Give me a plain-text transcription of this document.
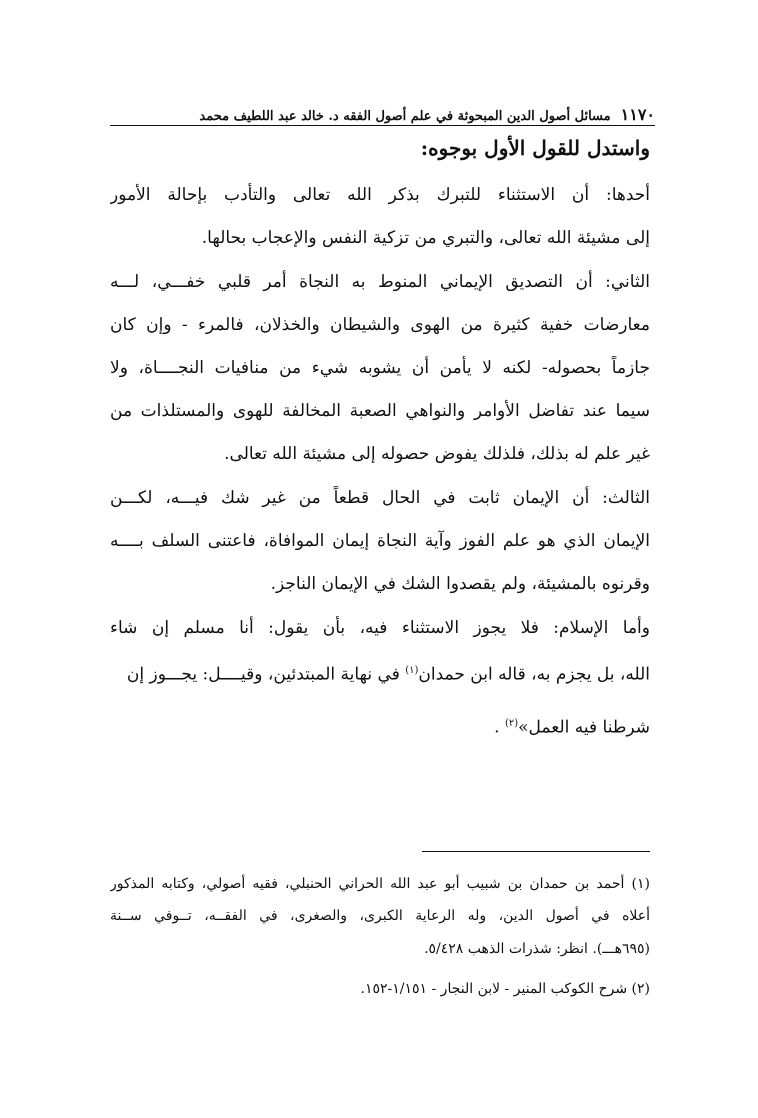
١١٧٠
مسائل أصول الدين المبحوثة في علم أصول الفقه د. خالد عبد اللطيف محمد
واستدل للقول الأول بوجوه:
أحدها: أن الاستثناء للتبرك بذكر الله تعالى والتأدب بإحالة الأمور
إلى مشيئة الله تعالى، والتبري من تزكية النفس والإعجاب بحالها.
الثاني: أن التصديق الإيماني المنوط به النجاة أمر قلبي خفـــي، لـــه
معارضات خفية كثيرة من الهوى والشيطان والخذلان، فالمرء - وإن كان
جازماً بحصوله- لكنه لا يأمن أن يشوبه شيء من منافيات النجــــاة، ولا
سيما عند تفاضل الأوامر والنواهي الصعبة المخالفة للهوى والمستلذات من
غير علم له بذلك، فلذلك يفوض حصوله إلى مشيئة الله تعالى.
الثالث: أن الإيمان ثابت في الحال قطعاً من غير شك فيـــه، لكـــن
الإيمان الذي هو علم الفوز وآية النجاة إيمان الموافاة، فاعتنى السلف بــــه
وقرنوه بالمشيئة، ولم يقصدوا الشك في الإيمان الناجز.
وأما الإسلام: فلا يجوز الاستثناء فيه، بأن يقول: أنا مسلم إن شاء
الله، بل يجزم به، قاله ابن حمدان$^{(١)}$ في نهاية المبتدئين، وقيــــل: يجـــوز إن
شرطنا فيه العمل»$^{(٢)}$ .
(١) أحمد بن حمدان بن شبيب أبو عبد الله الحراني الحنبلي، فقيه أصولي، وكتابه المذكور
أعلاه في أصول الدين، وله الرعاية الكبرى، والصغرى، في الفقــه، تــوفي ســنة
(٦٩٥هـــ). انظر: شذرات الذهب ٥/٤٢٨.
(٢) شرح الكوكب المنير - لابن النجار - ١/١٥١-١٥٢.
